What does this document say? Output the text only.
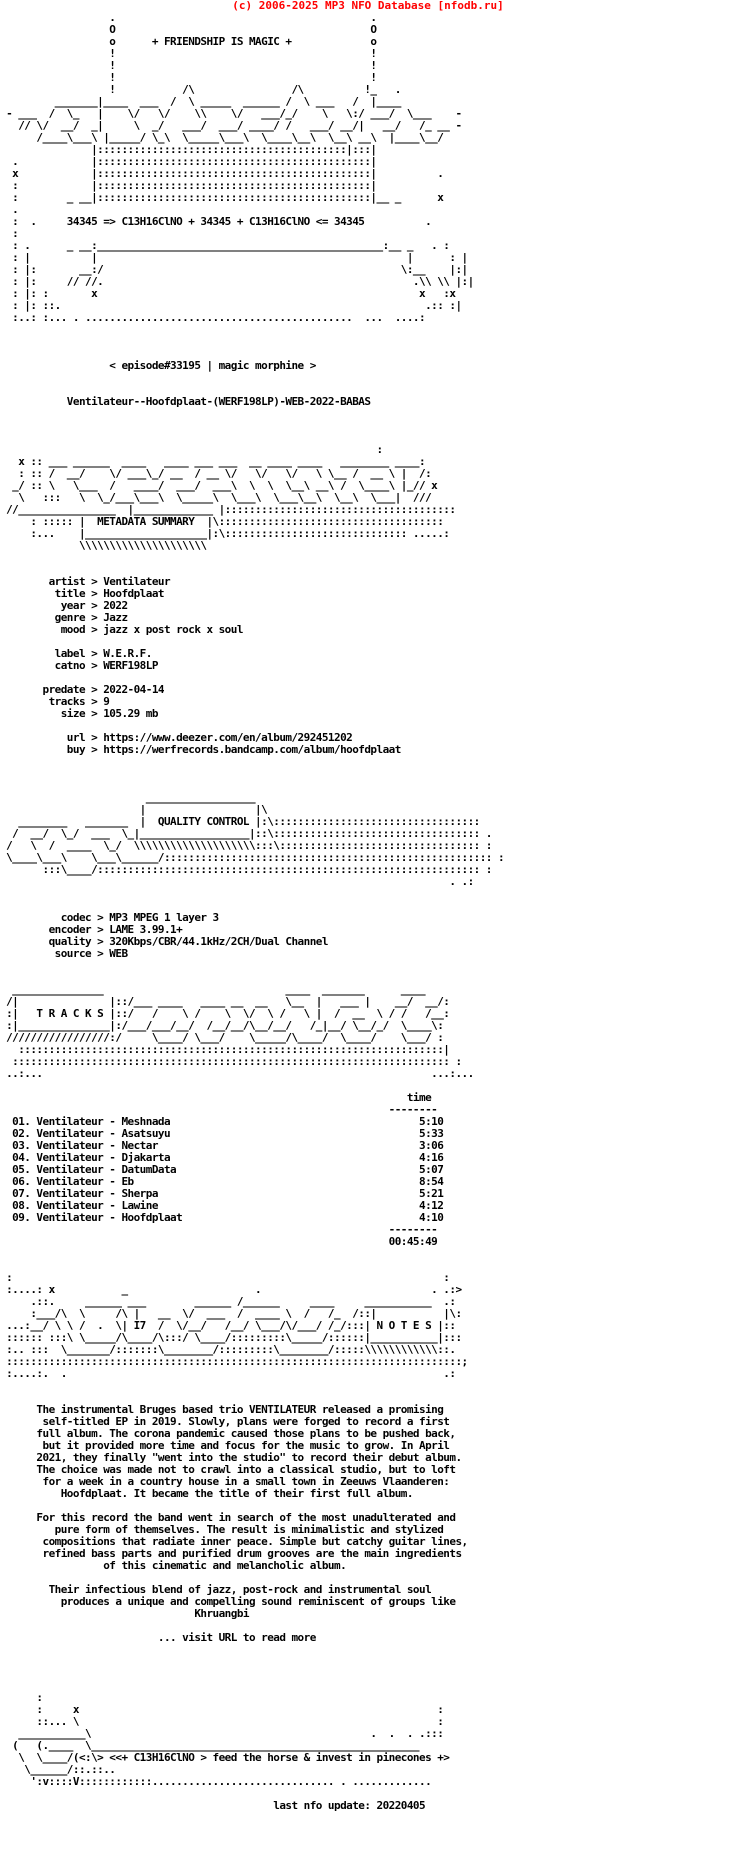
(c) 2006-2025 MP3 NFO Database [nfodb.ru]
.                                          .
O                                          O
o      + FRIENDSHIP IS MAGIC +             o
!                                          !
!                                          !
!                                          !
!           /\                /\          !_   .
_______|____  ___  /  \ _____  ______ /  \ ___   /  |____
- ___  /  \_   |    \/   \/    \\    \/   ___/_/    \   \:/ ___/  \___    -
// \/  __/  _|     \  _/   ___/  ___/ ____/ /   ___/ __/|   __/   /_ __ -
/____\___\ |_____/ \_\  \_____\___\  \____\__\  \__\ __\  |____\__/
|:::::::::::::::::::::::::::::::::::::::::|:::|
.            |:::::::::::::::::::::::::::::::::::::::::::::|
x            |:::::::::::::::::::::::::::::::::::::::::::::|          .
:            |:::::::::::::::::::::::::::::::::::::::::::::|
:        _ __|:::::::::::::::::::::::::::::::::::::::::::::|__ _      x
.
:  .     34345 => C13H16ClNO + 34345 + C13H16ClNO <= 34345          .
:
: .      _ __:_______________________________________________:__ _   . :
: |          |                                                   |      : |
: |:       __:/                                                 \:__    |:|
: |:     // //.                                                   .\\ \\ |:|
: |: :       x                                                     x   :x
: |: ::.                                                            .:: :|
:..: :... . ............................................  ...  ....:

< episode#33195 | magic morphine >

Ventilateur--Hoofdplaat-(WERF198LP)-WEB-2022-BABAS

:
x :: ___ ______  ____   ____ ___ ___  __ ____ ____   ________ ____:
: :: /  __/    \/ ___\_/ __  / __ \/   \/   \/   \ \__ /  __ \ |  /:
_/ :: \   \___  /   ____/  ___/  ___\  \  \  \__\ __\ /  \____\ |_// x
\   :::   \  \_/___\___\  \_____\  \___\  \___\__\  \__\  \___|  ///
//________________  |_____________ |::::::::::::::::::::::::::::::::::::::
: ::::: |  METADATA SUMMARY  |\:::::::::::::::::::::::::::::::::::::
:...    |____________________|:\:::::::::::::::::::::::::::::: .....:
\\\\\\\\\\\\\\\\\\\\\

artist > Ventilateur
title > Hoofdplaat
year > 2022
genre > Jazz
mood > jazz x post rock x soul

label > W.E.R.F.
catno > WERF198LP

predate > 2022-04-14
tracks > 9
size > 105.29 mb

url > https://www.deezer.com/en/album/292451202
buy > https://werfrecords.bandcamp.com/album/hoofdplaat

__________________
|                  |\
________   _______  |  QUALITY CONTROL |:\::::::::::::::::::::::::::::::::::
/  __/  \_/  ___  \_|__________________|::\:::::::::::::::::::::::::::::::::: .
/   \  /  ____  \_/  \\\\\\\\\\\\\\\\\\\\:::\::::::::::::::::::::::::::::::::: :
\____\___\    \___\______/:::::::::::::::::::::::::::::::::::::::::::::::::::::: :
:::\____/::::::::::::::::::::::::::::::::::::::::::::::::::::::::::::::: :
. .:

codec > MP3 MPEG 1 layer 3
encoder > LAME 3.99.1+
quality > 320Kbps/CBR/44.1kHz/2CH/Dual Channel
source > WEB

_______________                              ____  _______      ____
/|               |::/___ ____   ____ __  __   \__  |   ___ |    __/  __/:
:|   T R A C K S |::/   /    \ /    \  \/  \ /   \ |  /  __  \ / /   /__:
:|_______________|:/___/___/__/  /__/__/\__/__/   /_|__/ \__/_/  \____\:
/////////////////:/     \____/ \___/    \_____/\____/  \____/    \___/ :
::::::::::::::::::::::::::::::::::::::::::::::::::::::::::::::::::::::|
:::::::::::::::::::::::::::::::::::::::::::::::::::::::::::::::::::::::: :
..:...                                                                ...:...

time
--------
01. Ventilateur - Meshnada                                         5:10
02. Ventilateur - Asatsuyu                                         5:33
03. Ventilateur - Nectar                                           3:06
04. Ventilateur - Djakarta                                         4:16
05. Ventilateur - DatumData                                        5:07
06. Ventilateur - Eb                                               8:54
07. Ventilateur - Sherpa                                           5:21
08. Ventilateur - Lawine                                           4:12
09. Ventilateur - Hoofdplaat                                       4:10
--------
00:45:49

:                                                                       :
:....: x           _                     .                            . .:>
.::.     ______ ___        ______ /______     ____     ___________  .:
:___/\  \     /\ |   __  \/  ___  /  ____ \  /   /_  /::|           |\:
...:__/ \ \ /  .  \| I7  /  \/__/   /__/ \___/\/___/ /_/:::| N O T E S |::
:::::: :::\ \_____/\____/\:::/ \____/:::::::::\_____/::::::|___________|:::
:.. :::  \_______/:::::::\________/:::::::::\________/:::::\\\\\\\\\\\\::.
:::::::::::::::::::::::::::::::::::::::::::::::::::::::::::::::::::::::::::;
:....:.  .                                                              .:

The instrumental Bruges based trio VENTILATEUR released a promising
self-titled EP in 2019. Slowly, plans were forged to record a first
full album. The corona pandemic caused those plans to be pushed back,
but it provided more time and focus for the music to grow. In April
2021, they finally "went into the studio" to record their debut album.
The choice was made not to crawl into a classical studio, but to loft
for a week in a country house in a small town in Zeeuws Vlaanderen:
Hoofdplaat. It became the title of their first full album.

For this record the band went in search of the most unadulterated and
pure form of themselves. The result is minimalistic and stylized
compositions that radiate inner peace. Simple but catchy guitar lines,
refined bass parts and purified drum grooves are the main ingredients
of this cinematic and melancholic album.

Their infectious blend of jazz, post-rock and instrumental soul
produces a unique and compelling sound reminiscent of groups like
Khruangbi

... visit URL to read more

:
:     x                                                           :
::... \                                                           :
___________\                                              .  .  . .:::
(   (.____  \______________________________________________________
\  \____/(<:\> <<+ C13H16ClNO > feed the horse & invest in pinecones +>
\______/::.::..
':v::::V::::::::::::.............................. . .............

last nfo update: 20220405
